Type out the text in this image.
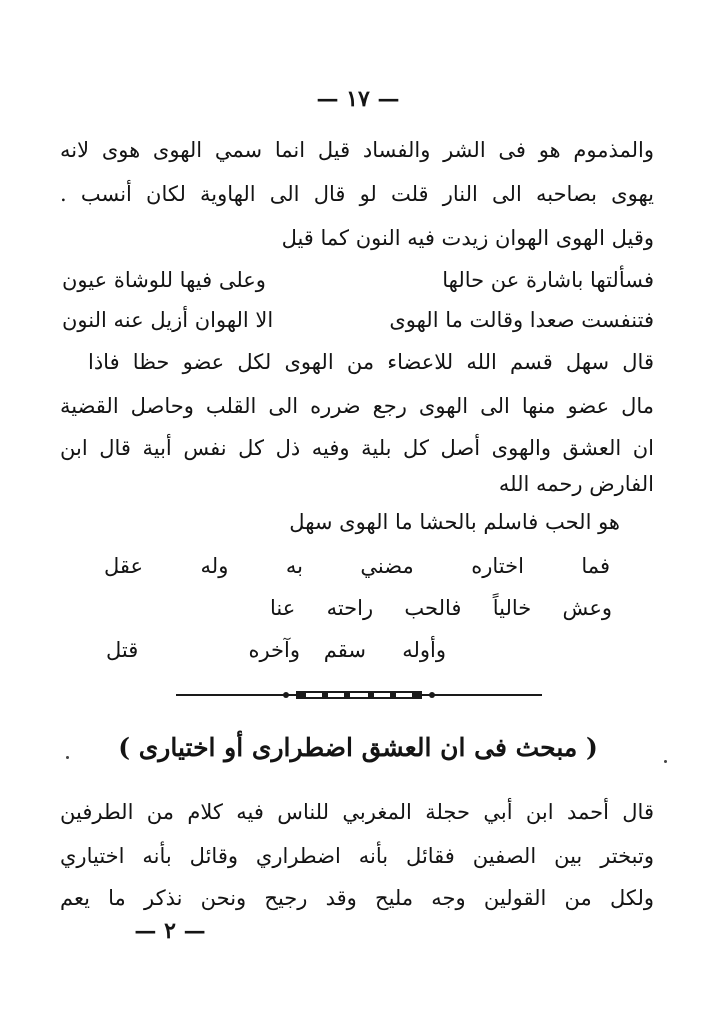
— ١٧ —
والمذموم هو فى الشر والفساد قيل انما سمي الهوى هوى لانه
يهوى بصاحبه الى النار قلت لو قال الى الهاوية لكان أنسب .
وقيل الهوى الهوان زيدت فيه النون كما قيل
فسألتها باشارة عن حالها
وعلى فيها للوشاة عيون
فتنفست صعدا وقالت ما الهوى
الا الهوان أزيل عنه النون
قال سهل قسم الله للاعضاء من الهوى لكل عضو حظا فاذا
مال عضو منها الى الهوى رجع ضرره الى القلب وحاصل القضية
ان العشق والهوى أصل كل بلية وفيه ذل كل نفس أبية قال ابن
الفارض رحمه الله
هو الحب فاسلم بالحشا ما الهوى سهل
فما اختاره مضني به وله عقل
وعش خالياً فالحب راحته عنا
وأوله
سقم
وآخره
قتل
( مبحث فى ان العشق اضطرارى أو اختيارى )
قال أحمد ابن أبي حجلة المغربي للناس فيه كلام من الطرفين
وتبختر بين الصفين فقائل بأنه اضطراري وقائل بأنه اختياري
ولكل من القولين وجه مليح وقد رجيح ونحن نذكر ما يعم
— ٢ —
